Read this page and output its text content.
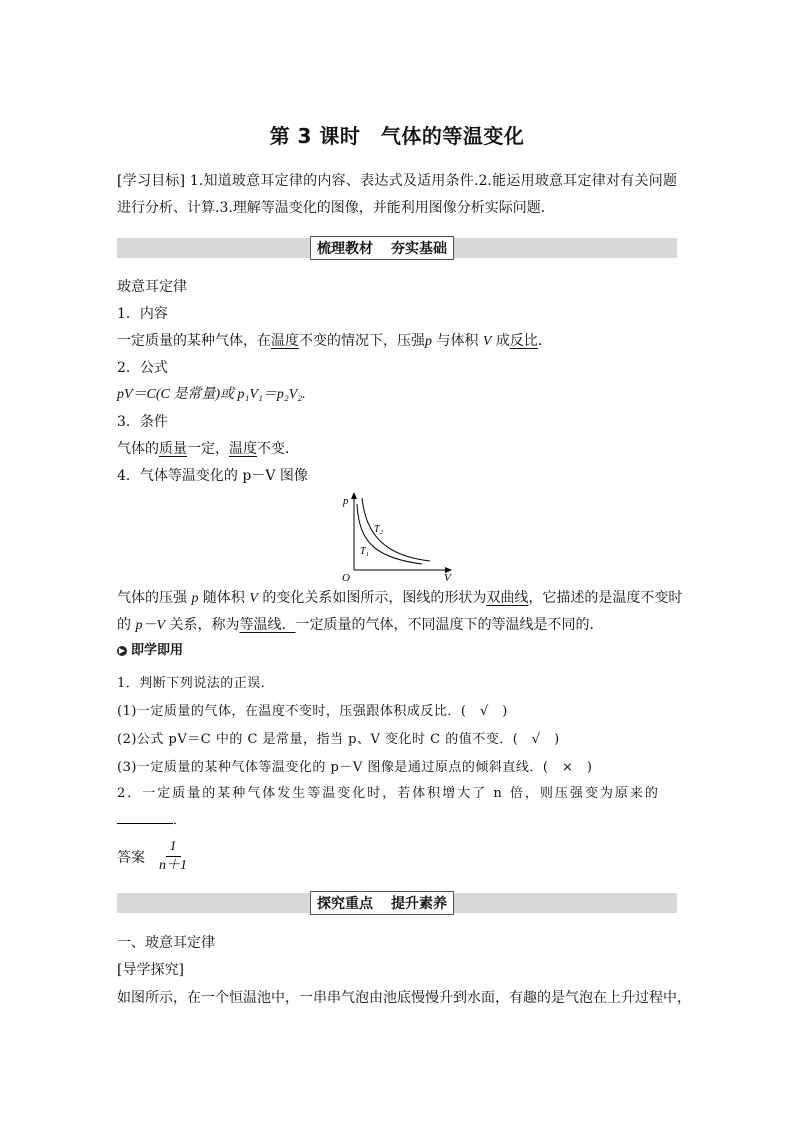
第 3 课时　气体的等温变化
[学习目标] 1.知道玻意耳定律的内容、表达式及适用条件.2.能运用玻意耳定律对有关问题进行分析、计算.3.理解等温变化的图像，并能利用图像分析实际问题．
梳理教材 夯实基础
玻意耳定律
1．内容
一定质量的某种气体，在温度不变的情况下，压强p 与体积 V 成反比．
2．公式
pV＝C(C 是常量)或 p₁V₁＝p₂V₂.
3．条件
气体的质量一定，温度不变．
4．气体等温变化的 p－V 图像
p
V
O
T₂
T₁
气体的压强 p 随体积 V 的变化关系如图所示，图线的形状为双曲线，它描述的是温度不变时
的 p－V 关系，称为等温线．一定质量的气体，不同温度下的等温线是不同的．
▶ 即学即用
1．判断下列说法的正误．
(1)一定质量的气体，在温度不变时，压强跟体积成反比．(　√　)
(2)公式 pV＝C 中的 C 是常量，指当 p、V 变化时 C 的值不变．(　√　)
(3)一定质量的某种气体等温变化的 p－V 图像是通过原点的倾斜直线．(　×　)
2．一定质量的某种气体发生等温变化时，若体积增大了 n 倍，则压强变为原来的
．
答案 $\frac{1}{n+1}$
探究重点 提升素养
一、玻意耳定律
[导学探究]
如图所示，在一个恒温池中，一串串气泡由池底慢慢升到水面，有趣的是气泡在上升过程中，
